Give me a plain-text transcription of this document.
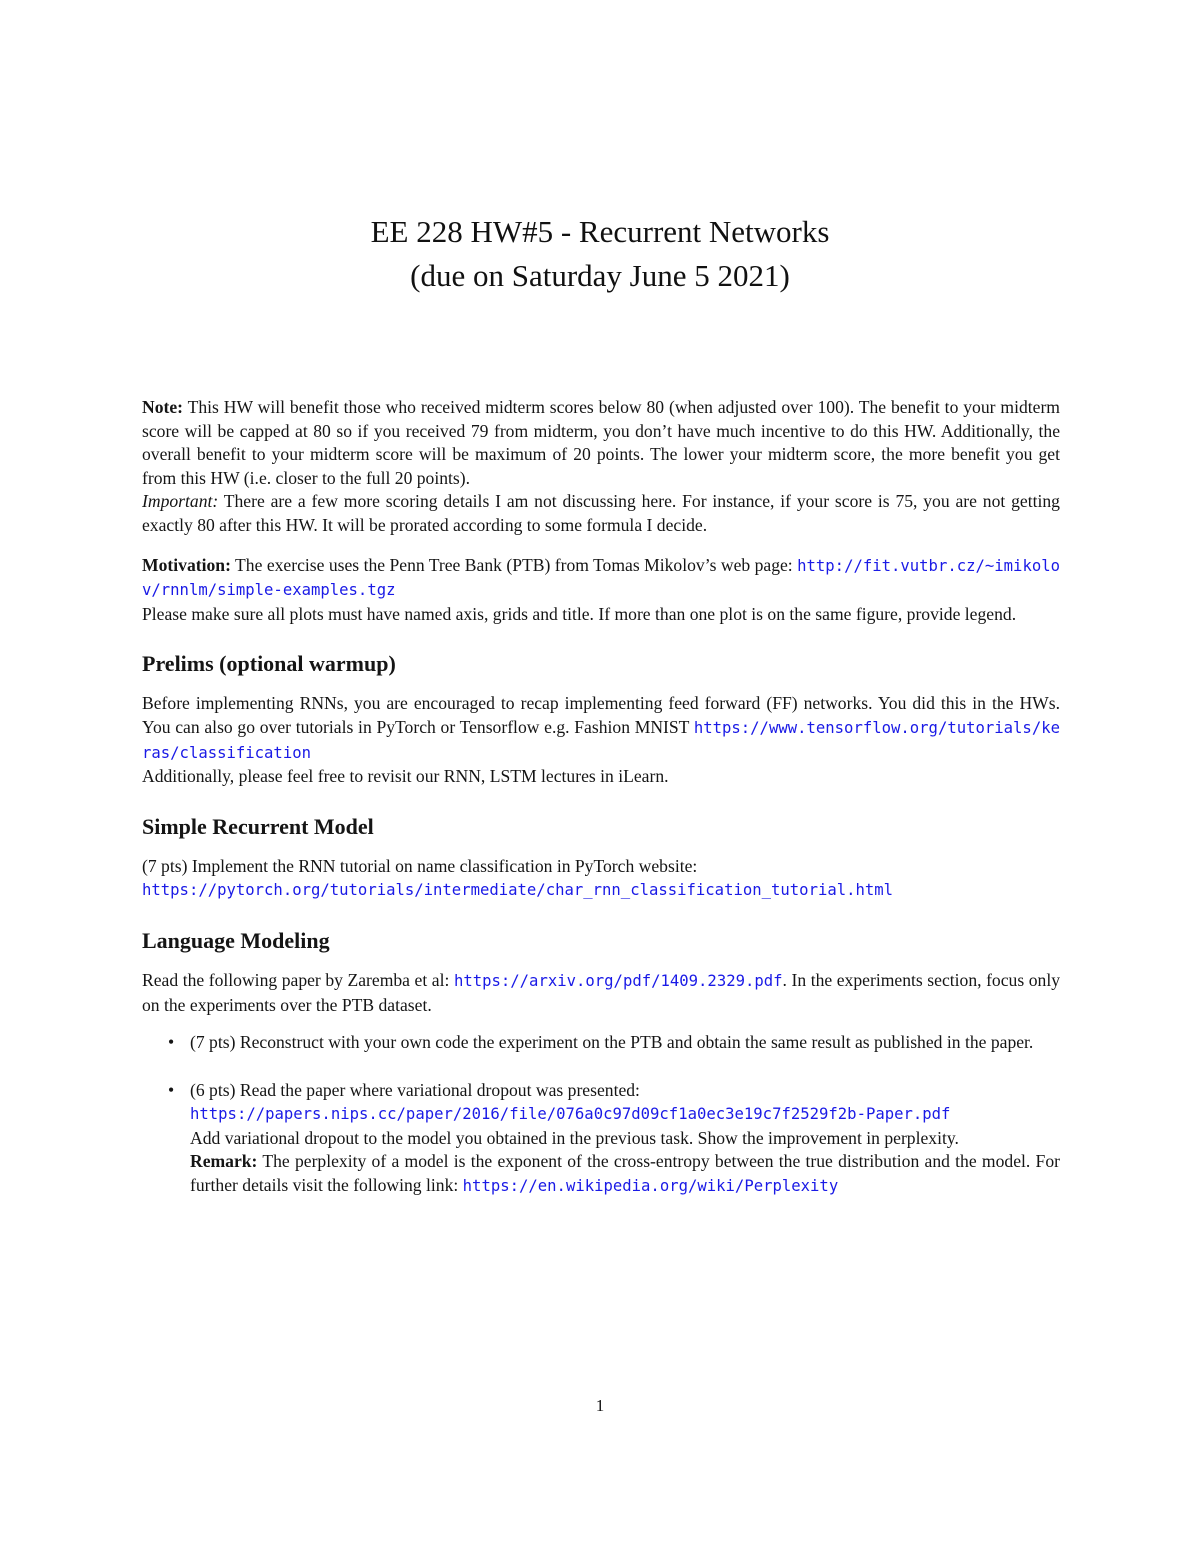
EE 228 HW#5 - Recurrent Networks
(due on Saturday June 5 2021)

Note: This HW will benefit those who received midterm scores below 80 (when adjusted over 100). The benefit to your midterm score will be capped at 80 so if you received 79 from midterm, you don’t have much incentive to do this HW. Additionally, the overall benefit to your midterm score will be maximum of 20 points. The lower your midterm score, the more benefit you get from this HW (i.e. closer to the full 20 points).
Important: There are a few more scoring details I am not discussing here. For instance, if your score is 75, you are not getting exactly 80 after this HW. It will be prorated according to some formula I decide.

Motivation: The exercise uses the Penn Tree Bank (PTB) from Tomas Mikolov’s web page: http://fit.vutbr.cz/~imikolov/rnnlm/simple-examples.tgz
Please make sure all plots must have named axis, grids and title. If more than one plot is on the same figure, provide legend.

Prelims (optional warmup)

Before implementing RNNs, you are encouraged to recap implementing feed forward (FF) networks. You did this in the HWs. You can also go over tutorials in PyTorch or Tensorflow e.g. Fashion MNIST https://www.tensorflow.org/tutorials/keras/classification
Additionally, please feel free to revisit our RNN, LSTM lectures in iLearn.

Simple Recurrent Model

(7 pts) Implement the RNN tutorial on name classification in PyTorch website:
https://pytorch.org/tutorials/intermediate/char_rnn_classification_tutorial.html

Language Modeling

Read the following paper by Zaremba et al: https://arxiv.org/pdf/1409.2329.pdf. In the experiments section, focus only on the experiments over the PTB dataset.

• (7 pts) Reconstruct with your own code the experiment on the PTB and obtain the same result as published in the paper.
• (6 pts) Read the paper where variational dropout was presented:
https://papers.nips.cc/paper/2016/file/076a0c97d09cf1a0ec3e19c7f2529f2b-Paper.pdf
Add variational dropout to the model you obtained in the previous task. Show the improvement in perplexity.
Remark: The perplexity of a model is the exponent of the cross-entropy between the true distribution and the model. For further details visit the following link: https://en.wikipedia.org/wiki/Perplexity
1
